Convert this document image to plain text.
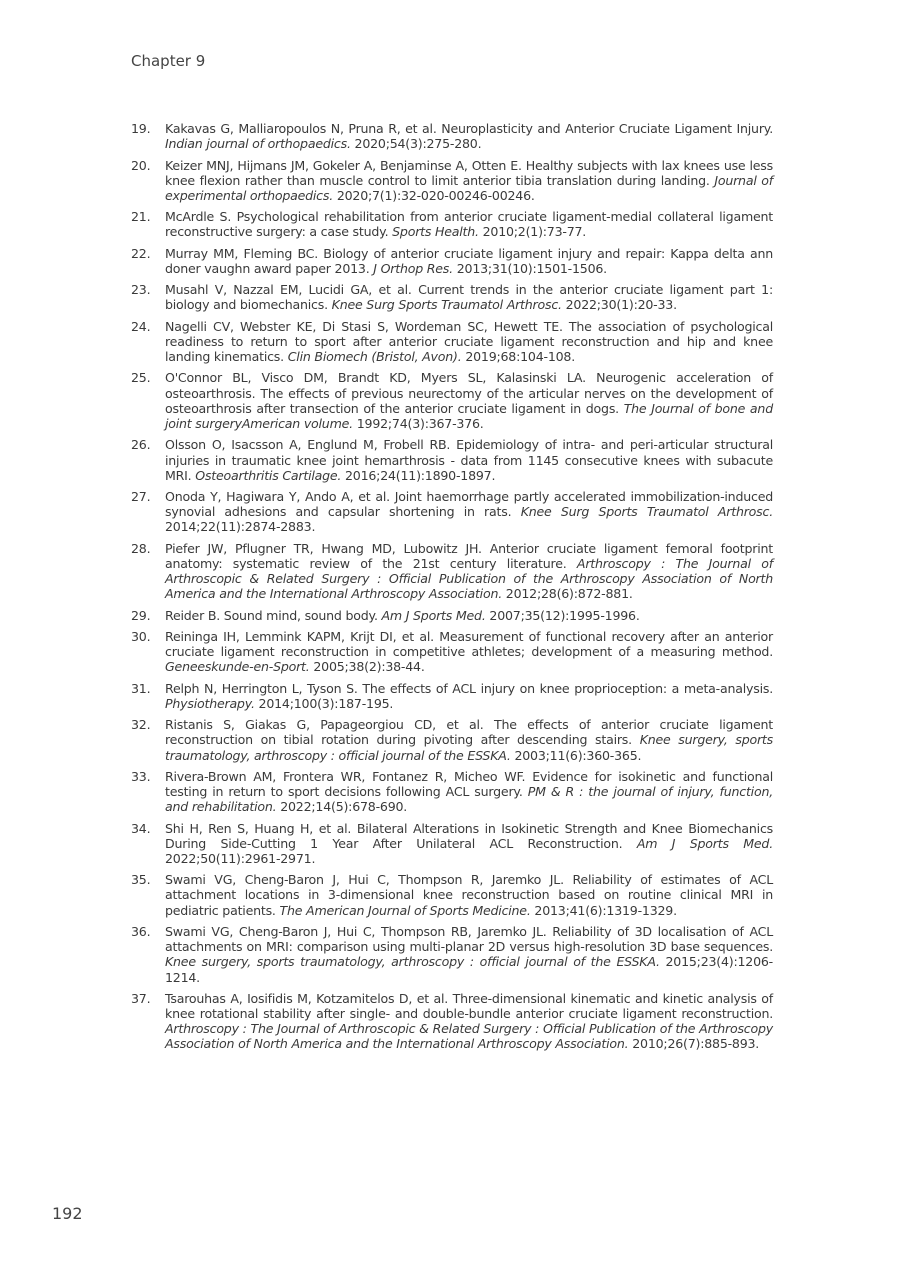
Chapter 9

19.	Kakavas G, Malliaropoulos N, Pruna R, et al. Neuroplasticity and Anterior Cruciate Ligament Injury. Indian journal of orthopaedics. 2020;54(3):275-280.
20.	Keizer MNJ, Hijmans JM, Gokeler A, Benjaminse A, Otten E. Healthy subjects with lax knees use less knee flexion rather than muscle control to limit anterior tibia translation during landing. Journal of experimental orthopaedics. 2020;7(1):32-020-00246-00246.
21.	McArdle S. Psychological rehabilitation from anterior cruciate ligament-medial collateral ligament reconstructive surgery: a case study. Sports Health. 2010;2(1):73-77.
22.	Murray MM, Fleming BC. Biology of anterior cruciate ligament injury and repair: Kappa delta ann doner vaughn award paper 2013. J Orthop Res. 2013;31(10):1501-1506.
23.	Musahl V, Nazzal EM, Lucidi GA, et al. Current trends in the anterior cruciate ligament part 1: biology and biomechanics. Knee Surg Sports Traumatol Arthrosc. 2022;30(1):20-33.
24.	Nagelli CV, Webster KE, Di Stasi S, Wordeman SC, Hewett TE. The association of psychological readiness to return to sport after anterior cruciate ligament reconstruction and hip and knee landing kinematics. Clin Biomech (Bristol, Avon). 2019;68:104-108.
25.	O'Connor BL, Visco DM, Brandt KD, Myers SL, Kalasinski LA. Neurogenic acceleration of osteoarthrosis. The effects of previous neurectomy of the articular nerves on the development of osteoarthrosis after transection of the anterior cruciate ligament in dogs. The Journal of bone and joint surgeryAmerican volume. 1992;74(3):367-376.
26.	Olsson O, Isacsson A, Englund M, Frobell RB. Epidemiology of intra- and peri-articular structural injuries in traumatic knee joint hemarthrosis - data from 1145 consecutive knees with subacute MRI. Osteoarthritis Cartilage. 2016;24(11):1890-1897.
27.	Onoda Y, Hagiwara Y, Ando A, et al. Joint haemorrhage partly accelerated immobilization-induced synovial adhesions and capsular shortening in rats. Knee Surg Sports Traumatol Arthrosc. 2014;22(11):2874-2883.
28.	Piefer JW, Pflugner TR, Hwang MD, Lubowitz JH. Anterior cruciate ligament femoral footprint anatomy: systematic review of the 21st century literature. Arthroscopy : The Journal of Arthroscopic & Related Surgery : Official Publication of the Arthroscopy Association of North America and the International Arthroscopy Association. 2012;28(6):872-881.
29.	Reider B. Sound mind, sound body. Am J Sports Med. 2007;35(12):1995-1996.
30.	Reininga IH, Lemmink KAPM, Krijt DI, et al. Measurement of functional recovery after an anterior cruciate ligament reconstruction in competitive athletes; development of a measuring method. Geneeskunde-en-Sport. 2005;38(2):38-44.
31.	Relph N, Herrington L, Tyson S. The effects of ACL injury on knee proprioception: a meta-analysis. Physiotherapy. 2014;100(3):187-195.
32.	Ristanis S, Giakas G, Papageorgiou CD, et al. The effects of anterior cruciate ligament reconstruction on tibial rotation during pivoting after descending stairs. Knee surgery, sports traumatology, arthroscopy : official journal of the ESSKA. 2003;11(6):360-365.
33.	Rivera-Brown AM, Frontera WR, Fontanez R, Micheo WF. Evidence for isokinetic and functional testing in return to sport decisions following ACL surgery. PM & R : the journal of injury, function, and rehabilitation. 2022;14(5):678-690.
34.	Shi H, Ren S, Huang H, et al. Bilateral Alterations in Isokinetic Strength and Knee Biomechanics During Side-Cutting 1 Year After Unilateral ACL Reconstruction. Am J Sports Med. 2022;50(11):2961-2971.
35.	Swami VG, Cheng-Baron J, Hui C, Thompson R, Jaremko JL. Reliability of estimates of ACL attachment locations in 3-dimensional knee reconstruction based on routine clinical MRI in pediatric patients. The American Journal of Sports Medicine. 2013;41(6):1319-1329.
36.	Swami VG, Cheng-Baron J, Hui C, Thompson RB, Jaremko JL. Reliability of 3D localisation of ACL attachments on MRI: comparison using multi-planar 2D versus high-resolution 3D base sequences. Knee surgery, sports traumatology, arthroscopy : official journal of the ESSKA. 2015;23(4):1206-1214.
37.	Tsarouhas A, Iosifidis M, Kotzamitelos D, et al. Three-dimensional kinematic and kinetic analysis of knee rotational stability after single- and double-bundle anterior cruciate ligament reconstruction. Arthroscopy : The Journal of Arthroscopic & Related Surgery : Official Publication of the Arthroscopy Association of North America and the International Arthroscopy Association. 2010;26(7):885-893.

192
